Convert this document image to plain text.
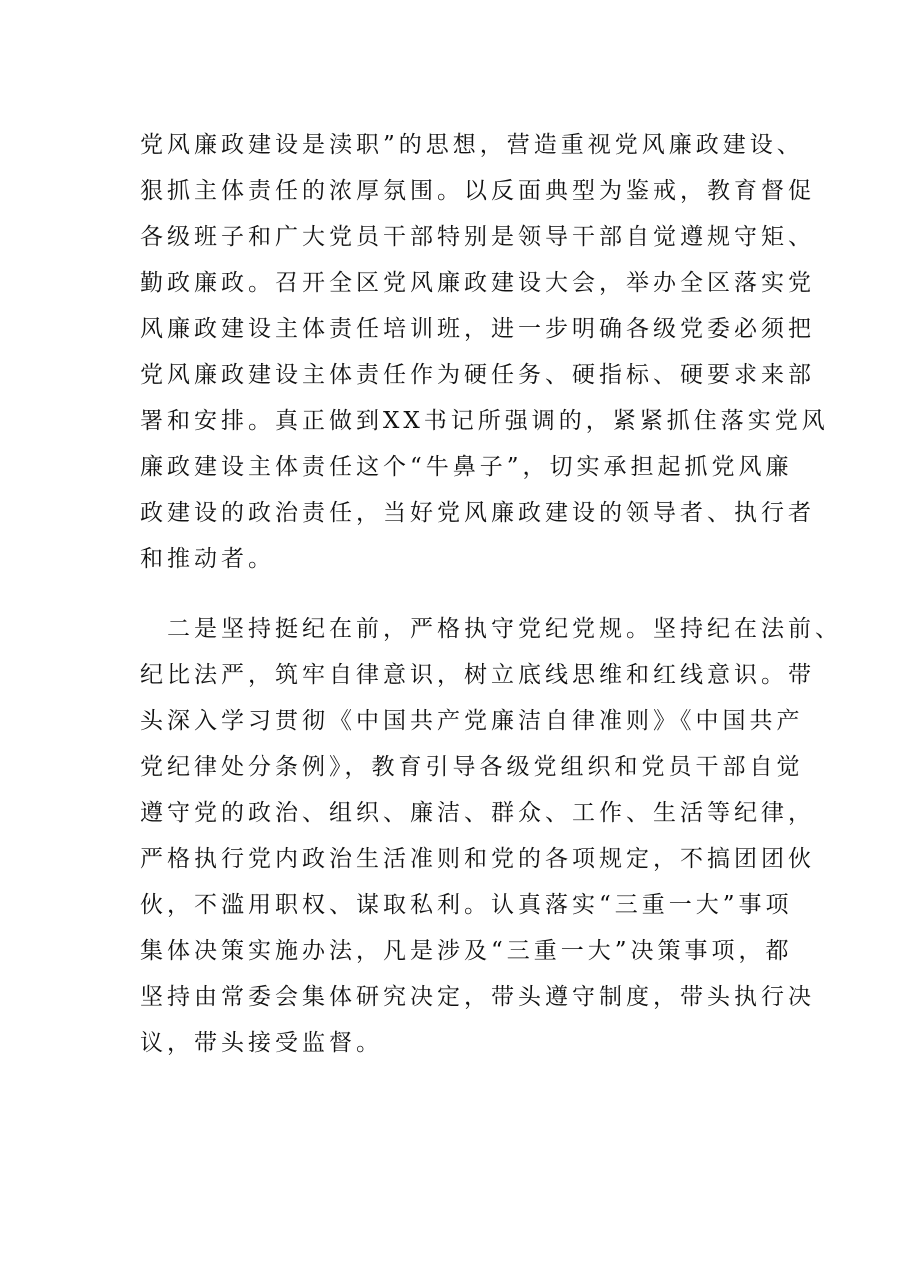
党风廉政建设是渎职”的思想，营造重视党风廉政建设、
狠抓主体责任的浓厚氛围。以反面典型为鉴戒，教育督促
各级班子和广大党员干部特别是领导干部自觉遵规守矩、
勤政廉政。召开全区党风廉政建设大会，举办全区落实党
风廉政建设主体责任培训班，进一步明确各级党委必须把
党风廉政建设主体责任作为硬任务、硬指标、硬要求来部
署和安排。真正做到XX书记所强调的，紧紧抓住落实党风
廉政建设主体责任这个“牛鼻子”，切实承担起抓党风廉
政建设的政治责任，当好党风廉政建设的领导者、执行者
和推动者。

　二是坚持挺纪在前，严格执守党纪党规。坚持纪在法前、
纪比法严，筑牢自律意识，树立底线思维和红线意识。带
头深入学习贯彻《中国共产党廉洁自律准则》《中国共产
党纪律处分条例》，教育引导各级党组织和党员干部自觉
遵守党的政治、组织、廉洁、群众、工作、生活等纪律，
严格执行党内政治生活准则和党的各项规定，不搞团团伙
伙，不滥用职权、谋取私利。认真落实“三重一大”事项
集体决策实施办法，凡是涉及“三重一大”决策事项，都
坚持由常委会集体研究决定，带头遵守制度，带头执行决
议，带头接受监督。
